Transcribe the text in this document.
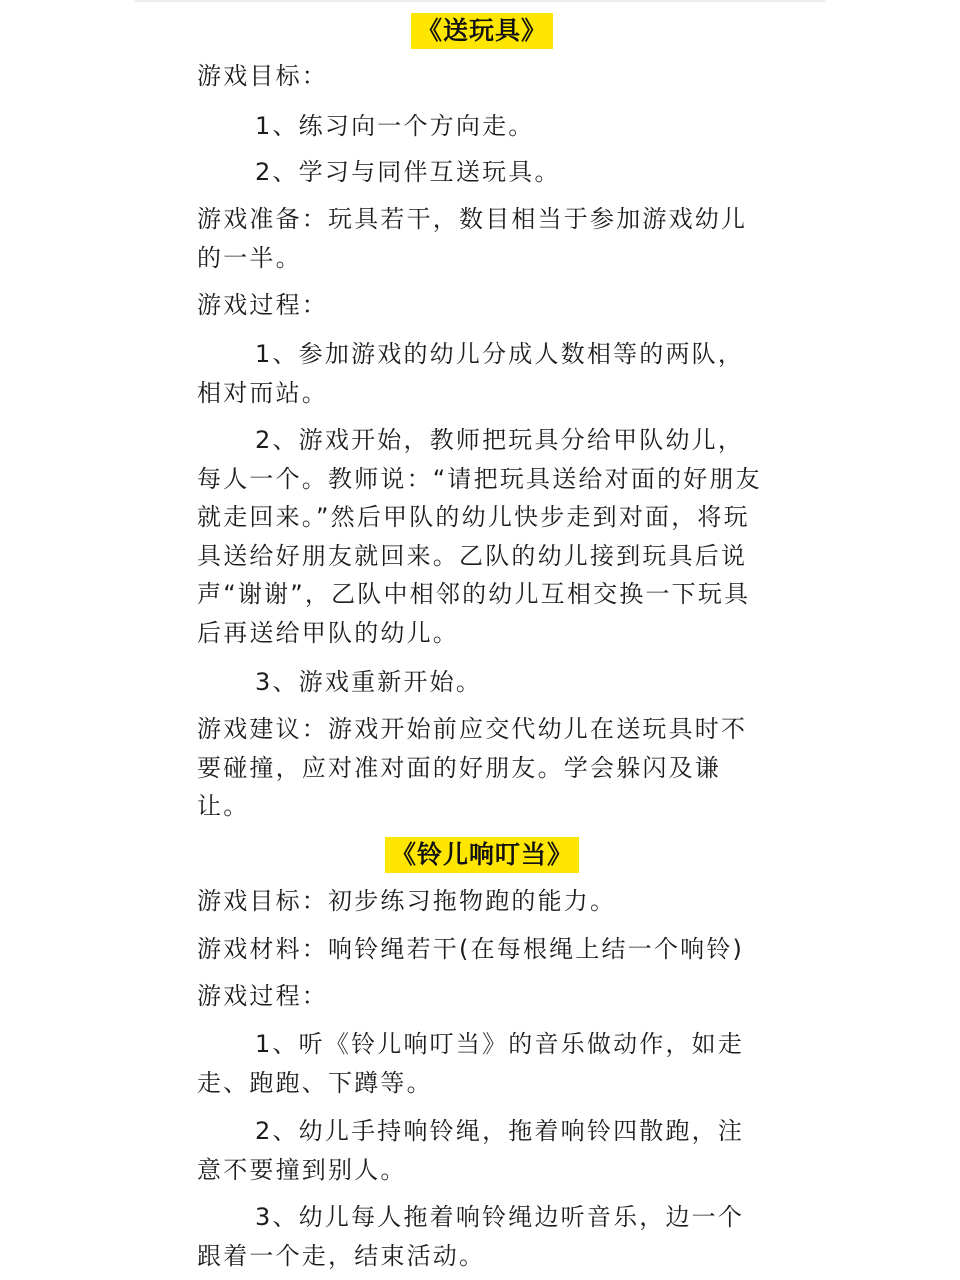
《送玩具》

游戏目标：

1、练习向一个方向走。

2、学习与同伴互送玩具。

游戏准备：玩具若干，数目相当于参加游戏幼儿的一半。

游戏过程：

1、参加游戏的幼儿分成人数相等的两队，相对而站。

2、游戏开始，教师把玩具分给甲队幼儿，每人一个。教师说：“请把玩具送给对面的好朋友就走回来。”然后甲队的幼儿快步走到对面，将玩具送给好朋友就回来。乙队的幼儿接到玩具后说声“谢谢”，乙队中相邻的幼儿互相交换一下玩具后再送给甲队的幼儿。

3、游戏重新开始。

游戏建议：游戏开始前应交代幼儿在送玩具时不要碰撞，应对准对面的好朋友。学会躲闪及谦让。

《铃儿响叮当》

游戏目标：初步练习拖物跑的能力。

游戏材料：响铃绳若干(在每根绳上结一个响铃)

游戏过程：

1、听《铃儿响叮当》的音乐做动作，如走走、跑跑、下蹲等。

2、幼儿手持响铃绳，拖着响铃四散跑，注意不要撞到别人。

3、幼儿每人拖着响铃绳边听音乐，边一个跟着一个走，结束活动。
